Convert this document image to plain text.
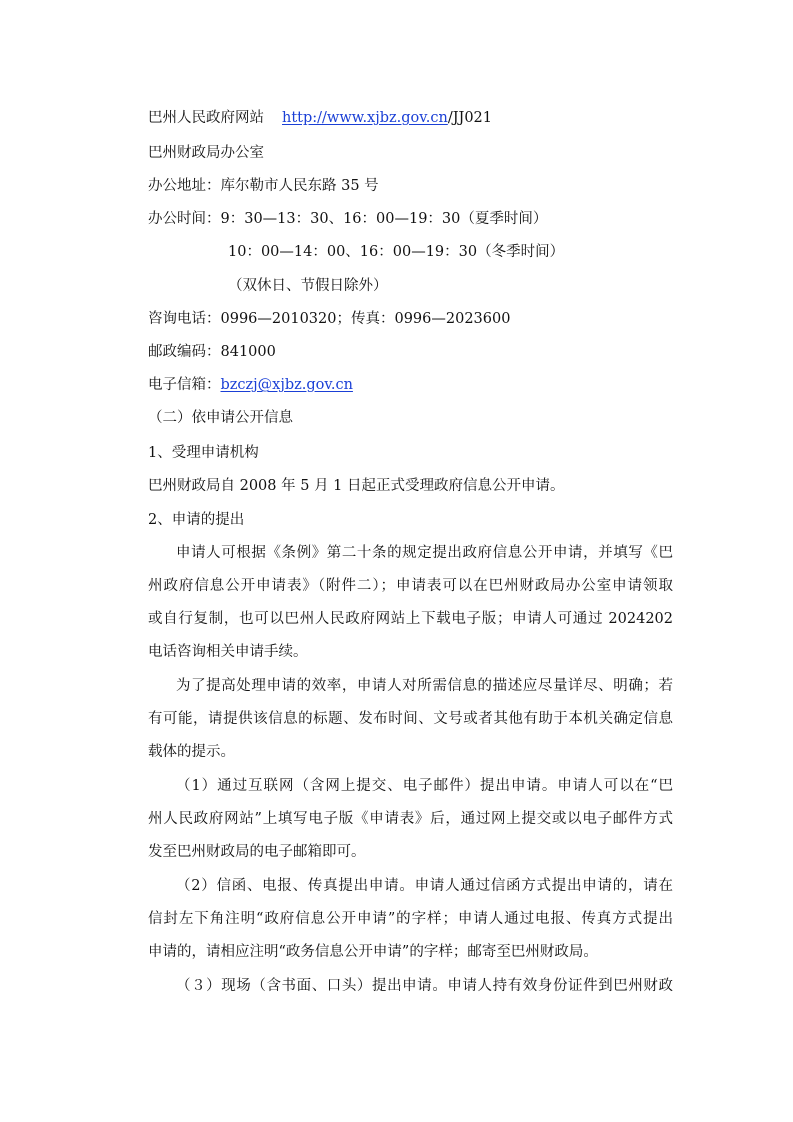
巴州人民政府网站 http://www.xjbz.gov.cn/JJ021
巴州财政局办公室
办公地址：库尔勒市人民东路 35 号
办公时间：9：30—13：30、16：00—19：30（夏季时间）
10：00—14：00、16：00—19：30（冬季时间）
（双休日、节假日除外）
咨询电话：0996—2010320；传真：0996—2023600
邮政编码：841000
电子信箱：bzczj@xjbz.gov.cn
（二）依申请公开信息
1、受理申请机构
巴州财政局自 2008 年 5 月 1 日起正式受理政府信息公开申请。
2、申请的提出
申请人可根据《条例》第二十条的规定提出政府信息公开申请，并填写《巴
州政府信息公开申请表》（附件二）；申请表可以在巴州财政局办公室申请领取
或自行复制，也可以巴州人民政府网站上下载电子版；申请人可通过 2024202
电话咨询相关申请手续。
为了提高处理申请的效率，申请人对所需信息的描述应尽量详尽、明确；若
有可能，请提供该信息的标题、发布时间、文号或者其他有助于本机关确定信息
载体的提示。
（1）通过互联网（含网上提交、电子邮件）提出申请。申请人可以在“巴
州人民政府网站”上填写电子版《申请表》后，通过网上提交或以电子邮件方式
发至巴州财政局的电子邮箱即可。
（2）信函、电报、传真提出申请。申请人通过信函方式提出申请的，请在
信封左下角注明“政府信息公开申请”的字样；申请人通过电报、传真方式提出
申请的，请相应注明“政务信息公开申请”的字样；邮寄至巴州财政局。
（３）现场（含书面、口头）提出申请。申请人持有效身份证件到巴州财政
